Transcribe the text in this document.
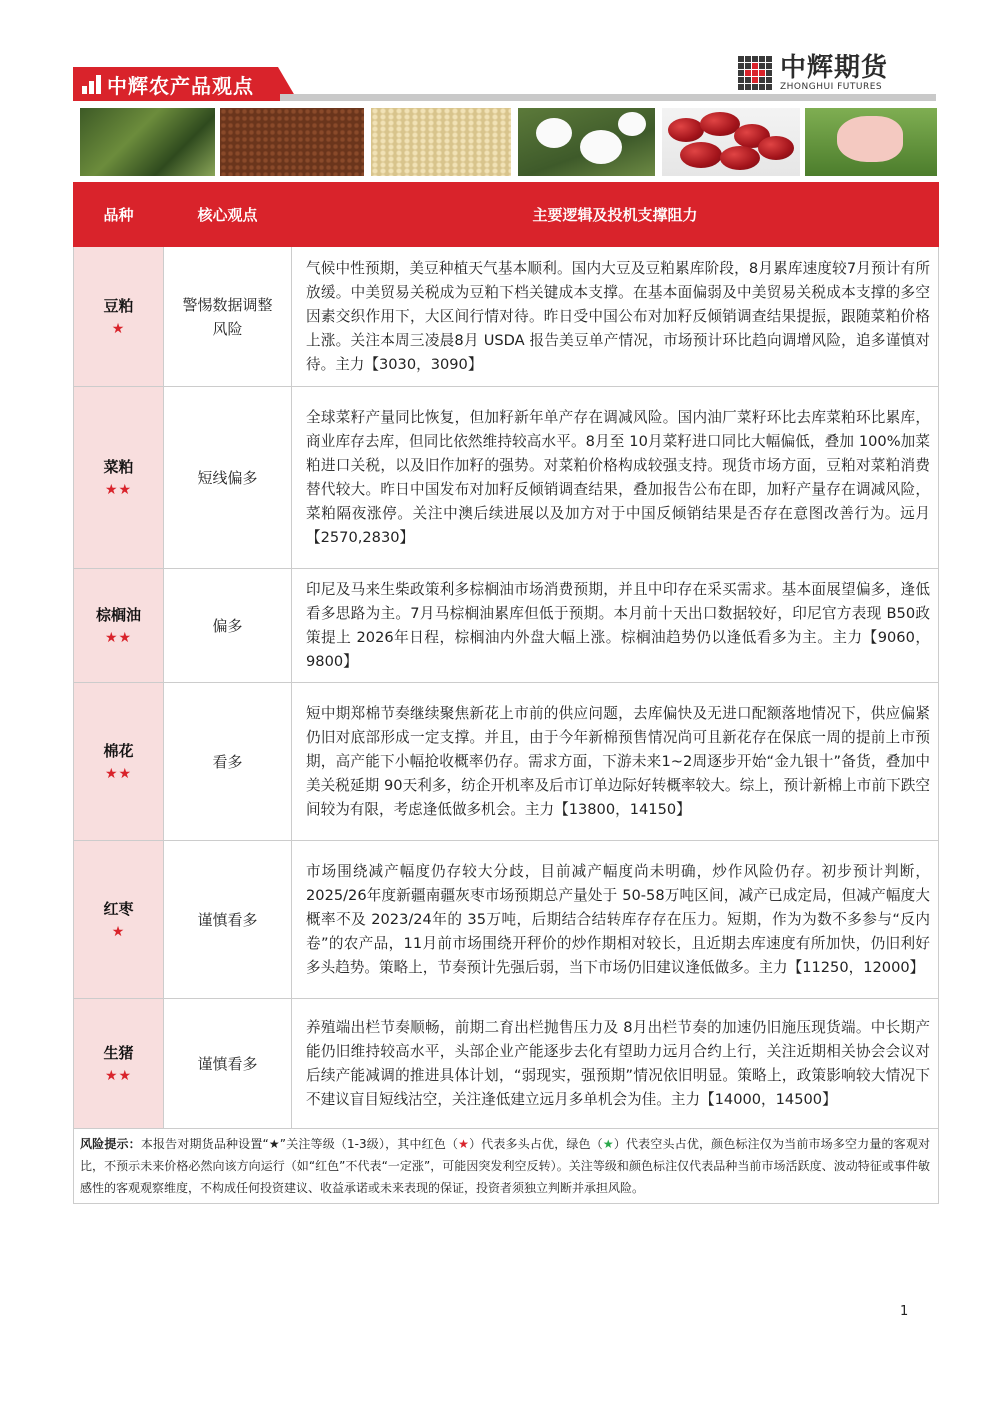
中辉农产品观点
中辉期货
ZHONGHUI FUTURES
品种	核心观点	主要逻辑及投机支撑阻力

豆粕
★	警惕数据调整风险	气候中性预期，美豆种植天气基本顺利。国内大豆及豆粕累库阶段，8月累库速度较7月预计有所放缓。中美贸易关税成为豆粕下档关键成本支撑。在基本面偏弱及中美贸易关税成本支撑的多空因素交织作用下，大区间行情对待。昨日受中国公布对加籽反倾销调查结果提振，跟随菜粕价格上涨。关注本周三凌晨8月 USDA 报告美豆单产情况，市场预计环比趋向调增风险，追多谨慎对待。主力【3030，3090】

菜粕
★★	短线偏多	全球菜籽产量同比恢复，但加籽新年单产存在调减风险。国内油厂菜籽环比去库菜粕环比累库，商业库存去库，但同比依然维持较高水平。8月至 10月菜籽进口同比大幅偏低，叠加 100%加菜粕进口关税，以及旧作加籽的强势。对菜粕价格构成较强支持。现货市场方面，豆粕对菜粕消费替代较大。昨日中国发布对加籽反倾销调查结果，叠加报告公布在即，加籽产量存在调减风险，菜粕隔夜涨停。关注中澳后续进展以及加方对于中国反倾销结果是否存在意图改善行为。远月【2570,2830】

棕榈油
★★	偏多	印尼及马来生柴政策利多棕榈油市场消费预期，并且中印存在采买需求。基本面展望偏多，逢低看多思路为主。7月马棕榈油累库但低于预期。本月前十天出口数据较好，印尼官方表现 B50政策提上 2026年日程，棕榈油内外盘大幅上涨。棕榈油趋势仍以逢低看多为主。主力【9060，9800】

棉花
★★	看多	短中期郑棉节奏继续聚焦新花上市前的供应问题，去库偏快及无进口配额落地情况下，供应偏紧仍旧对底部形成一定支撑。并且，由于今年新棉预售情况尚可且新花存在保底一周的提前上市预期，高产能下小幅抢收概率仍存。需求方面，下游未来1~2周逐步开始“金九银十”备货，叠加中美关税延期 90天利多，纺企开机率及后市订单边际好转概率较大。综上，预计新棉上市前下跌空间较为有限，考虑逢低做多机会。主力【13800，14150】

红枣
★	谨慎看多	市场围绕减产幅度仍存较大分歧，目前减产幅度尚未明确，炒作风险仍存。初步预计判断，2025/26年度新疆南疆灰枣市场预期总产量处于 50-58万吨区间，减产已成定局，但减产幅度大概率不及 2023/24年的 35万吨，后期结合结转库存存在压力。短期，作为为数不多参与“反内卷”的农产品，11月前市场围绕开秤价的炒作期相对较长，且近期去库速度有所加快，仍旧利好多头趋势。策略上，节奏预计先强后弱，当下市场仍旧建议逢低做多。主力【11250，12000】

生猪
★★	谨慎看多	养殖端出栏节奏顺畅，前期二育出栏抛售压力及 8月出栏节奏的加速仍旧施压现货端。中长期产能仍旧维持较高水平，头部企业产能逐步去化有望助力远月合约上行，关注近期相关协会会议对后续产能减调的推进具体计划，“弱现实，强预期”情况依旧明显。策略上，政策影响较大情况下不建议盲目短线沽空，关注逢低建立远月多单机会为佳。主力【14000，14500】
风险提示：本报告对期货品种设置“★”关注等级（1-3级），其中红色（★）代表多头占优，绿色（★）代表空头占优，颜色标注仅为当前市场多空力量的客观对比，不预示未来价格必然向该方向运行（如“红色”不代表“一定涨”，可能因突发利空反转）。关注等级和颜色标注仅代表品种当前市场活跃度、波动特征或事件敏感性的客观观察维度，不构成任何投资建议、收益承诺或未来表现的保证，投资者须独立判断并承担风险。		
1
